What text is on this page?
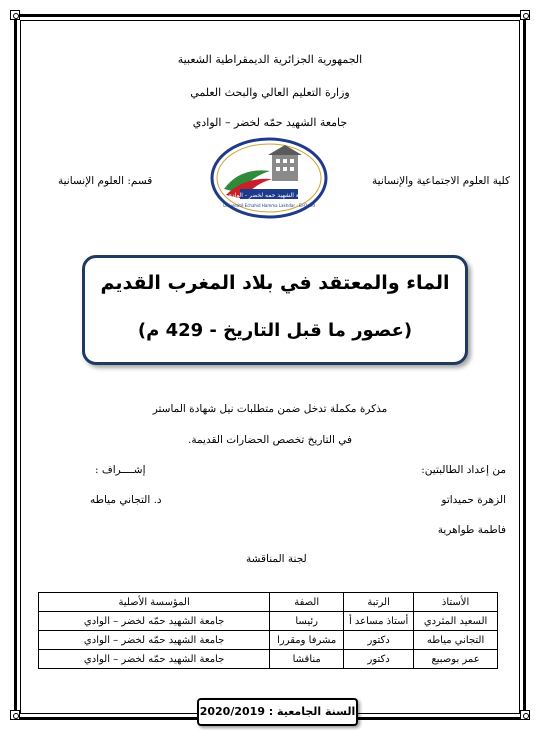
الجمهورية الجزائرية الديمقراطية الشعبية
وزارة التعليم العالي والبحث العلمي
جامعة الشهيد حمّه لخضر – الوادي
كلية العلوم الاجتماعية والإنسانية
قسم: العلوم الإنسانية
جامعة الشهيد حمه لخضر - الوادي
Université Echahid Hamma Lakhdar - El-Oued
الماء والمعتقد في بلاد المغرب القديم
(عصور ما قبل التاريخ - 429 م)
مذكرة مكملة تدخل ضمن متطلبات نيل شهادة الماستر
في التاريخ تخصص الحضارات القديمة.
من إعداد الطالبتين:
إشــــراف :
الزهرة حميداتو
د. التجاني مياطه
فاطمة طواهرية
لجنة المناقشة
الأستاذ	الرتبة	الصفة	المؤسسة الأصلية
السعيد المثردي	أستاذ مساعد أ	رئيسا	جامعة الشهيد حمّه لخضر – الوادي
التجاني مياطه	دكتور	مشرفا ومقررا	جامعة الشهيد حمّه لخضر – الوادي
عمر بوصبيع	دكتور	مناقشا	جامعة الشهيد حمّه لخضر – الوادي
السنة الجامعية : 2020/2019
